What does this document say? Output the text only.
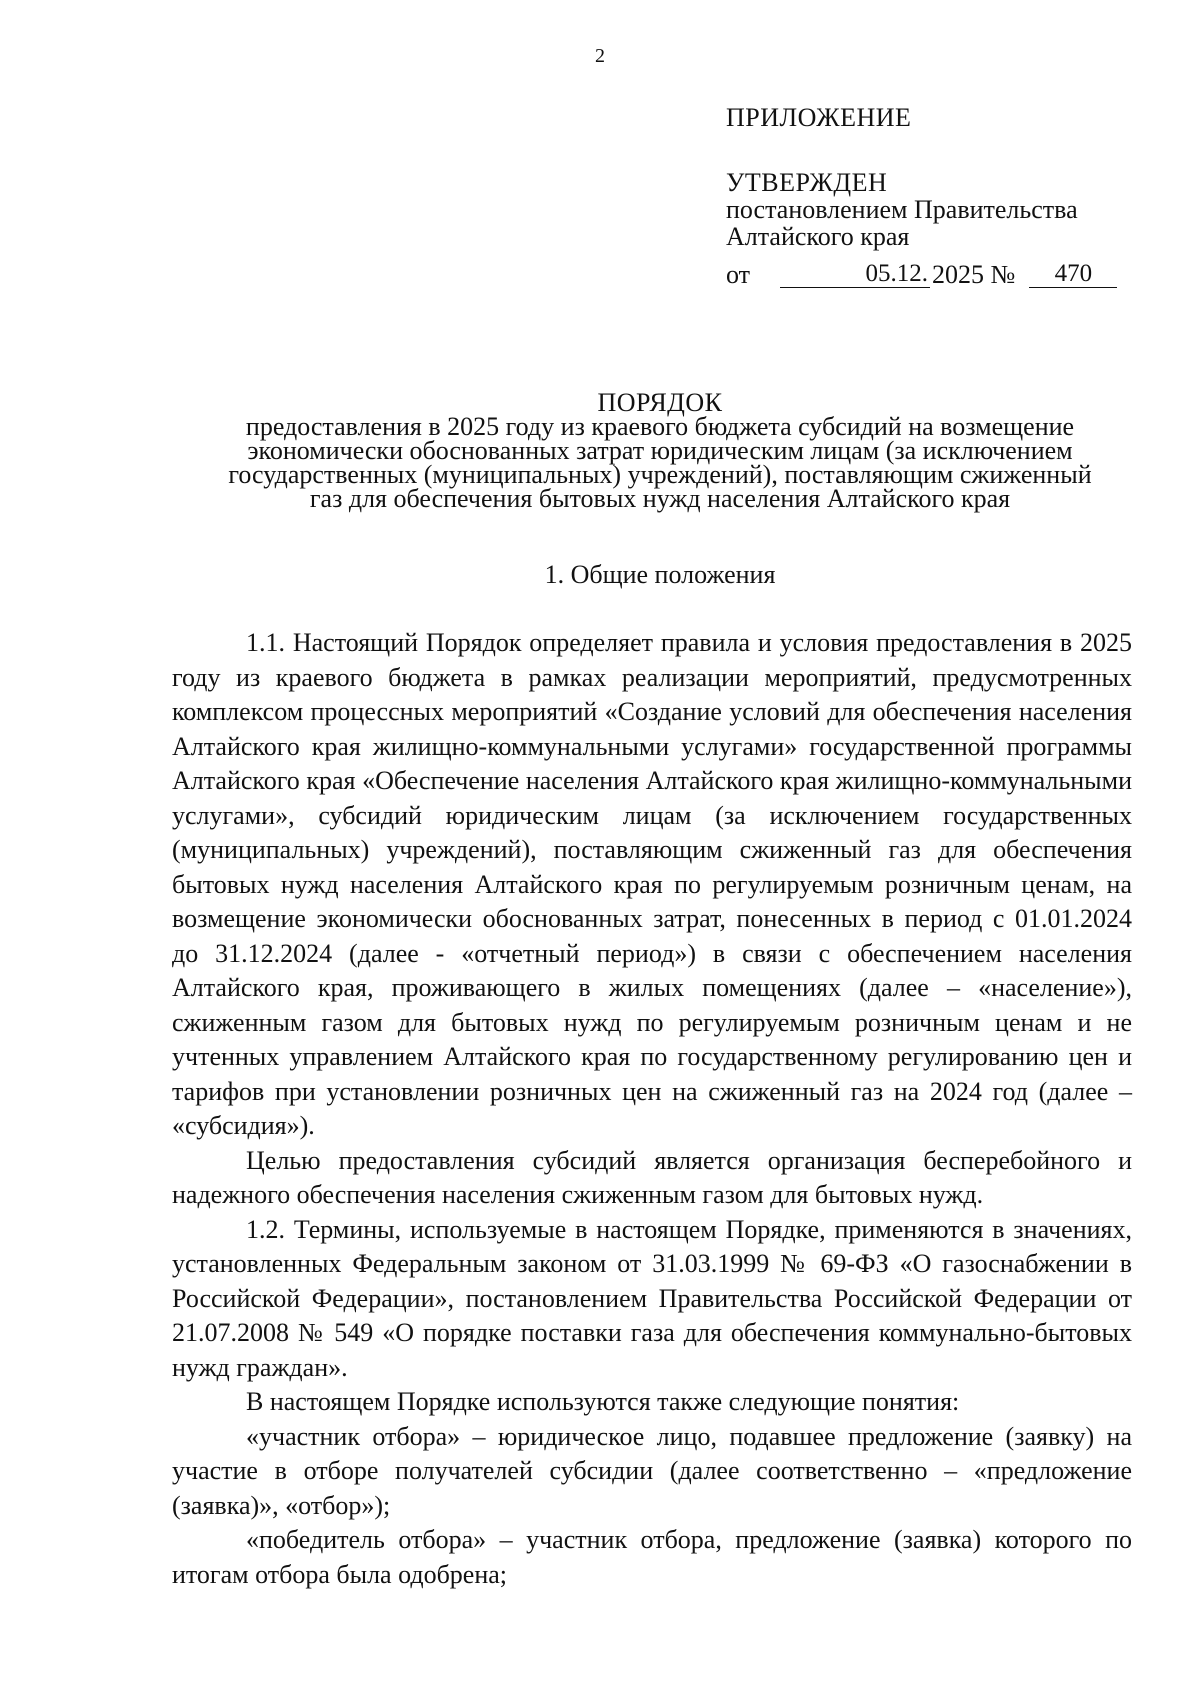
2
ПРИЛОЖЕНИЕ
УТВЕРЖДЕН
постановлением Правительства
Алтайского края
от	05.12. 2025 №	470
ПОРЯДОК
предоставления в 2025 году из краевого бюджета субсидий на возмещение
экономически обоснованных затрат юридическим лицам (за исключением
государственных (муниципальных) учреждений), поставляющим сжиженный
газ для обеспечения бытовых нужд населения Алтайского края
1. Общие положения

1.1. Настоящий Порядок определяет правила и условия предоставления в 2025 году из краевого бюджета в рамках реализации мероприятий, предусмотренных комплексом процессных мероприятий «Создание условий для обеспечения населения Алтайского края жилищно-коммунальными услугами» государственной программы Алтайского края «Обеспечение населения Алтайского края жилищно-коммунальными услугами», субсидий юридическим лицам (за исключением государственных (муниципальных) учреждений), поставляющим сжиженный газ для обеспечения бытовых нужд населения Алтайского края по регулируемым розничным ценам, на возмещение экономически обоснованных затрат, понесенных в период с 01.01.2024 до 31.12.2024 (далее - «отчетный период») в связи с обеспечением населения Алтайского края, проживающего в жилых помещениях (далее – «население»), сжиженным газом для бытовых нужд по регулируемым розничным ценам и не учтенных управлением Алтайского края по государственному регулированию цен и тарифов при установлении розничных цен на сжиженный газ на 2024 год (далее – «субсидия»).

Целью предоставления субсидий является организация бесперебойного и надежного обеспечения населения сжиженным газом для бытовых нужд.

1.2. Термины, используемые в настоящем Порядке, применяются в значениях, установленных Федеральным законом от 31.03.1999 № 69-ФЗ «О газоснабжении в Российской Федерации», постановлением Правительства Российской Федерации от 21.07.2008 № 549 «О порядке поставки газа для обеспечения коммунально-бытовых нужд граждан».

В настоящем Порядке используются также следующие понятия:

«участник отбора» – юридическое лицо, подавшее предложение (заявку) на участие в отборе получателей субсидии (далее соответственно – «предложение (заявка)», «отбор»);

«победитель отбора» – участник отбора, предложение (заявка) которого по итогам отбора была одобрена;
